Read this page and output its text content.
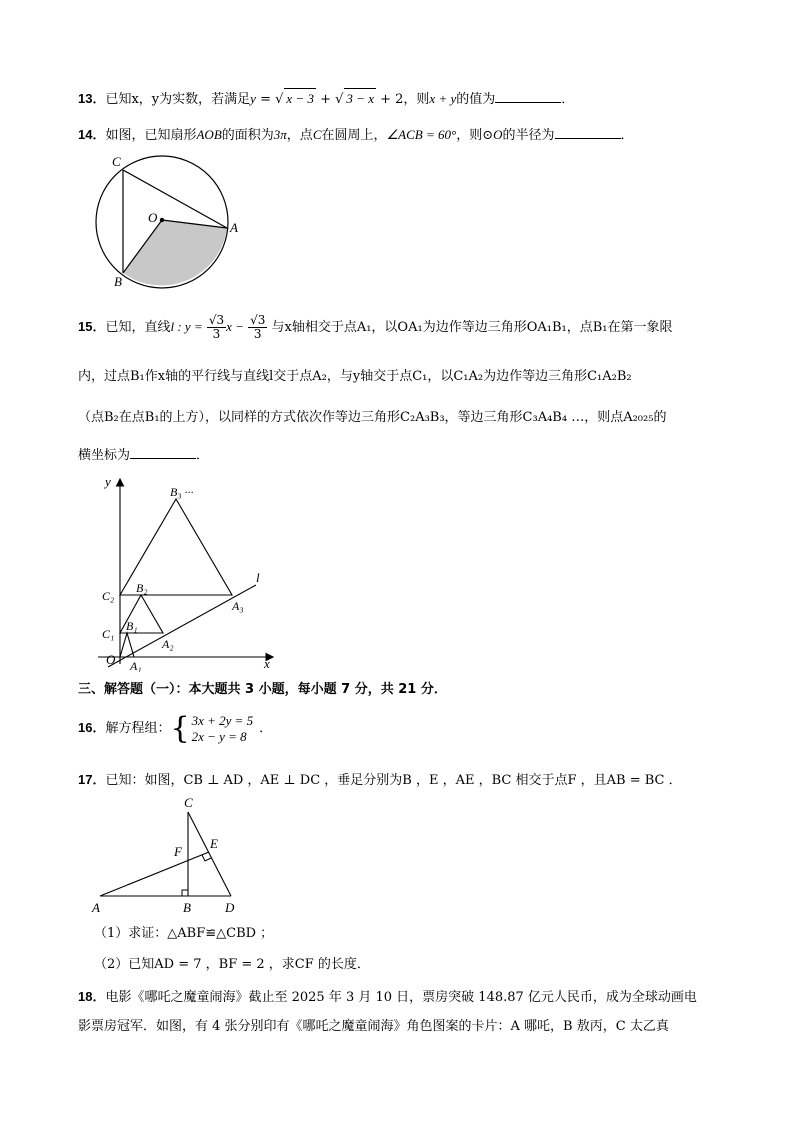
13．已知x，y为实数，若满足y = √ x − 3 + √ 3 − x + 2，则x + y的值为	．
14．如图，已知扇形AOB的面积为3π，点C在圆周上，∠ACB = 60°，则⊙O的半径为	．
C
O
A
B
15．已知，直线l : $y = \frac{√3}{3}$ $x - \frac{√3}{3}$ 与x轴相交于点A₁，以OA₁为边作等边三角形OA₁B₁，点B₁在第一象限
内，过点B₁作x轴的平行线与直线l交于点A₂，与y轴交于点C₁，以C₁A₂为边作等边三角形C₁A₂B₂
（点B₂在点B₁的上方），以同样的方式依次作等边三角形C₂A₃B₃，等边三角形C₃A₄B₄ …，则点A₂₀₂₅的
横坐标为	．
y
x
l
O
B₃ ···
C₂
B₂
A₃
C₁
B₁
A₂
A₁
三、解答题（一）：本大题共 3 小题，每小题 7 分，共 21 分．
16．解方程组：{ 3x + 2y = 5
2x − y = 8 ．
17．已知：如图，CB ⊥ AD ，AE ⊥ DC ，垂足分别为B ，E ，AE ，BC 相交于点F ，且AB = BC ．
C
E
F
A	B	D
（1）求证：△ABF≌△CBD ；
（2）已知AD = 7 ，BF = 2 ，求CF 的长度．
18．电影《哪吒之魔童闹海》截止至 2025 年 3 月 10 日，票房突破 148.87 亿元人民币，成为全球动画电
影票房冠军．如图，有 4 张分别印有《哪吒之魔童闹海》角色图案的卡片：A 哪吒，B 敖丙，C 太乙真
